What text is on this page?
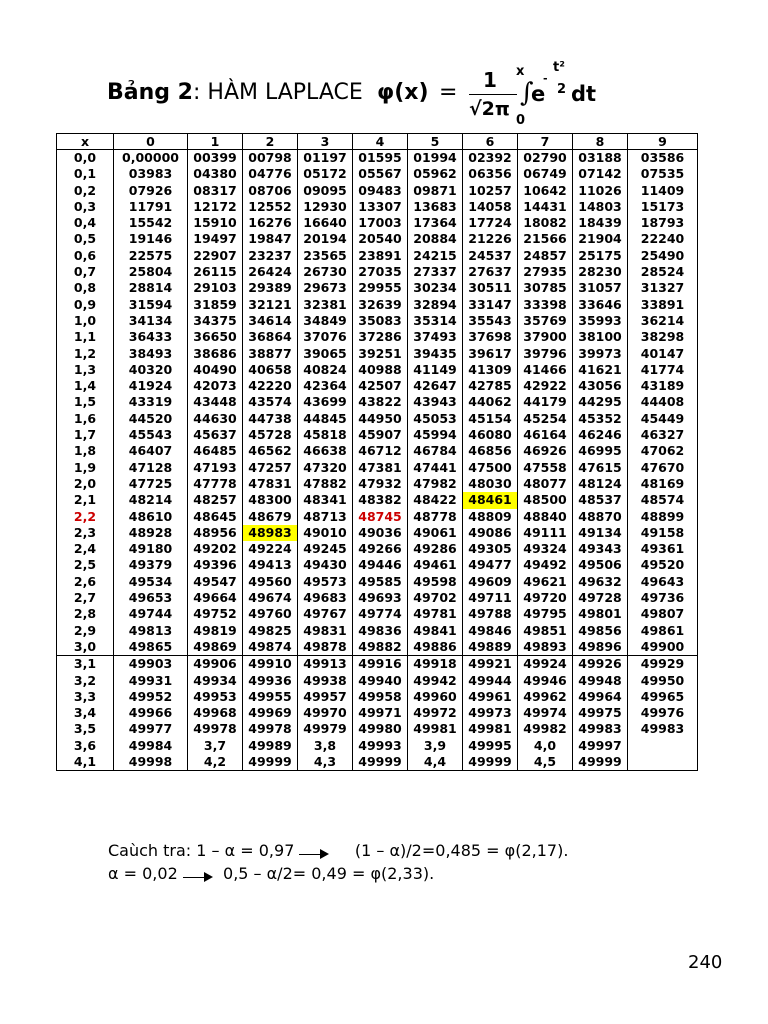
Bảng 2: HÀM LAPLACE φ(x) = 1
√2π
x
∫
0
e
-
t²
2 dt
x	0	1	2	3	4	5	6	7	8	9
0,0	0,00000	00399	00798	01197	01595	01994	02392	02790	03188	03586
0,1	03983	04380	04776	05172	05567	05962	06356	06749	07142	07535
0,2	07926	08317	08706	09095	09483	09871	10257	10642	11026	11409
0,3	11791	12172	12552	12930	13307	13683	14058	14431	14803	15173
0,4	15542	15910	16276	16640	17003	17364	17724	18082	18439	18793
0,5	19146	19497	19847	20194	20540	20884	21226	21566	21904	22240
0,6	22575	22907	23237	23565	23891	24215	24537	24857	25175	25490
0,7	25804	26115	26424	26730	27035	27337	27637	27935	28230	28524
0,8	28814	29103	29389	29673	29955	30234	30511	30785	31057	31327
0,9	31594	31859	32121	32381	32639	32894	33147	33398	33646	33891
1,0	34134	34375	34614	34849	35083	35314	35543	35769	35993	36214
1,1	36433	36650	36864	37076	37286	37493	37698	37900	38100	38298
1,2	38493	38686	38877	39065	39251	39435	39617	39796	39973	40147
1,3	40320	40490	40658	40824	40988	41149	41309	41466	41621	41774
1,4	41924	42073	42220	42364	42507	42647	42785	42922	43056	43189
1,5	43319	43448	43574	43699	43822	43943	44062	44179	44295	44408
1,6	44520	44630	44738	44845	44950	45053	45154	45254	45352	45449
1,7	45543	45637	45728	45818	45907	45994	46080	46164	46246	46327
1,8	46407	46485	46562	46638	46712	46784	46856	46926	46995	47062
1,9	47128	47193	47257	47320	47381	47441	47500	47558	47615	47670
2,0	47725	47778	47831	47882	47932	47982	48030	48077	48124	48169
2,1	48214	48257	48300	48341	48382	48422	48461	48500	48537	48574
2,2	48610	48645	48679	48713	48745	48778	48809	48840	48870	48899
2,3	48928	48956	48983	49010	49036	49061	49086	49111	49134	49158
2,4	49180	49202	49224	49245	49266	49286	49305	49324	49343	49361
2,5	49379	49396	49413	49430	49446	49461	49477	49492	49506	49520
2,6	49534	49547	49560	49573	49585	49598	49609	49621	49632	49643
2,7	49653	49664	49674	49683	49693	49702	49711	49720	49728	49736
2,8	49744	49752	49760	49767	49774	49781	49788	49795	49801	49807
2,9	49813	49819	49825	49831	49836	49841	49846	49851	49856	49861
3,0	49865	49869	49874	49878	49882	49886	49889	49893	49896	49900
3,1	49903	49906	49910	49913	49916	49918	49921	49924	49926	49929
3,2	49931	49934	49936	49938	49940	49942	49944	49946	49948	49950
3,3	49952	49953	49955	49957	49958	49960	49961	49962	49964	49965
3,4	49966	49968	49969	49970	49971	49972	49973	49974	49975	49976
3,5	49977	49978	49978	49979	49980	49981	49981	49982	49983	49983
3,6	49984	3,7	49989	3,8	49993	3,9	49995	4,0	49997	
4,1	49998	4,2	49999	4,3	49999	4,4	49999	4,5	49999	
Caùch tra: 1 – α = 0,97	(1 – α)/2=0,485 = φ(2,17).
α = 0,02	0,5 – α/2= 0,49 = φ(2,33).
240
